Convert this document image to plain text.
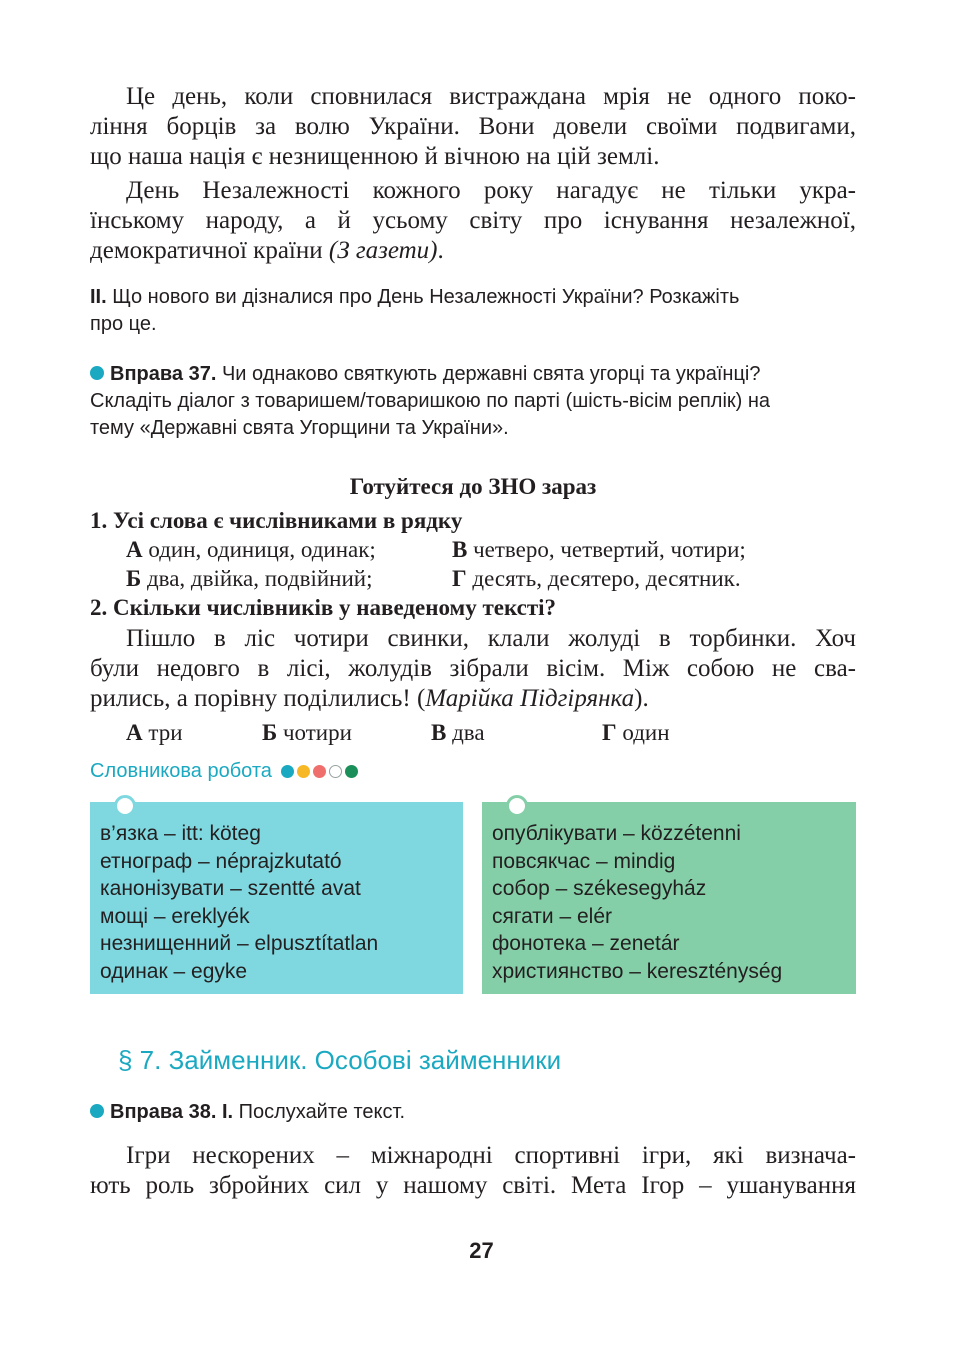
Це день, коли сповнилася вистраждана мрія не одного поко-
ління борців за волю України. Вони довели своїми подвигами,
що наша нація є незнищенною й вічною на цій землі.
День Незалежності кожного року нагадує не тільки укра-
їнському народу, а й усьому світу про існування незалежної,
демократичної країни (З газети).
ІІ. Що нового ви дізналися про День Незалежності України? Розкажіть
про це.
Вправа 37. Чи однаково святкують державні свята угорці та українці?
Складіть діалог з товаришем/товаришкою по парті (шість-вісім реплік) на
тему «Державні свята Угорщини та України».
Готуйтеся до ЗНО зараз
1. Усі слова є числівниками в рядку
А один, одиниця, одинак;	В четверо, четвертий, чотири;
Б два, двійка, подвійний;	Г десять, десятеро, десятник.
2. Скільки числівників у наведеному тексті?
Пішло в ліс чотири свинки, клали жолуді в торбинки. Хоч
були недовго в лісі, жолудів зібрали вісім. Між собою не сва-
рились, а порівну поділились! (Марійка Підгірянка).
А три	Б чотири	В два	Г один
Словникова робота
в’язка – itt: köteg
етнограф – néprajzkutató
канонізувати – szentté avat
мощі – ereklyék
незнищенний – elpusztítatlan
одинак – egyke
опублікувати – közzétenni
повсякчас – mindig
собор – székesegyház
сягати – elér
фонотека – zenetár
християнство – kereszténység
§ 7. Займенник. Особові займенники
Вправа 38. І. Послухайте текст.
Ігри нескорених – міжнародні спортивні ігри, які визнача-
ють роль збройних сил у нашому світі. Мета Ігор – ушанування
27
